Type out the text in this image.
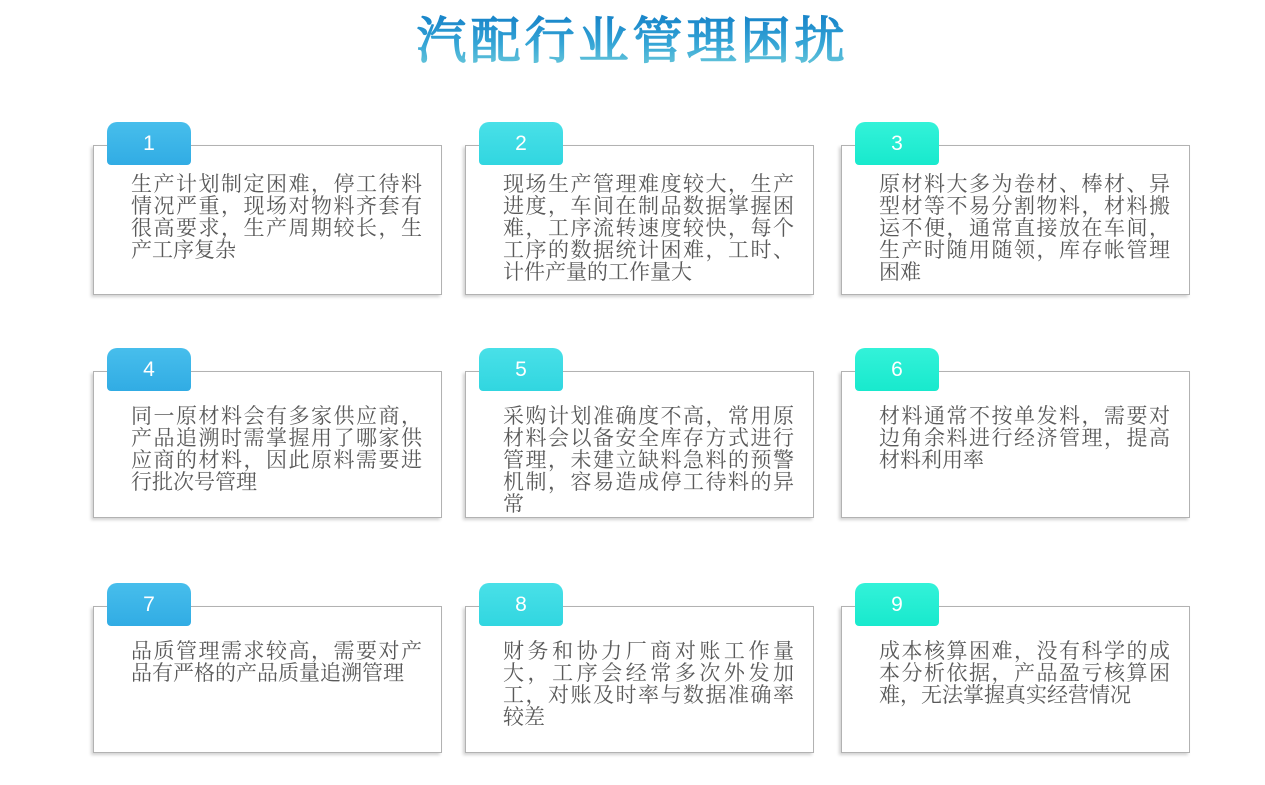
汽配行业管理困扰
1

生产计划制定困难，停工待料情况严重，现场对物料齐套有很高要求，生产周期较长，生产工序复杂

2

现场生产管理难度较大，生产进度，车间在制品数据掌握困难，工序流转速度较快，每个工序的数据统计困难，工时、计件产量的工作量大

3

原材料大多为卷材、棒材、异型材等不易分割物料，材料搬运不便，通常直接放在车间，生产时随用随领，库存帐管理困难

4

同一原材料会有多家供应商，产品追溯时需掌握用了哪家供应商的材料，因此原料需要进行批次号管理

5

采购计划准确度不高，常用原材料会以备安全库存方式进行管理，未建立缺料急料的预警机制，容易造成停工待料的异常

6

材料通常不按单发料，需要对边角余料进行经济管理，提高材料利用率

7

品质管理需求较高，需要对产品有严格的产品质量追溯管理

8

财务和协力厂商对账工作量大，工序会经常多次外发加工，对账及时率与数据准确率较差

9

成本核算困难，没有科学的成本分析依据，产品盈亏核算困难，无法掌握真实经营情况
